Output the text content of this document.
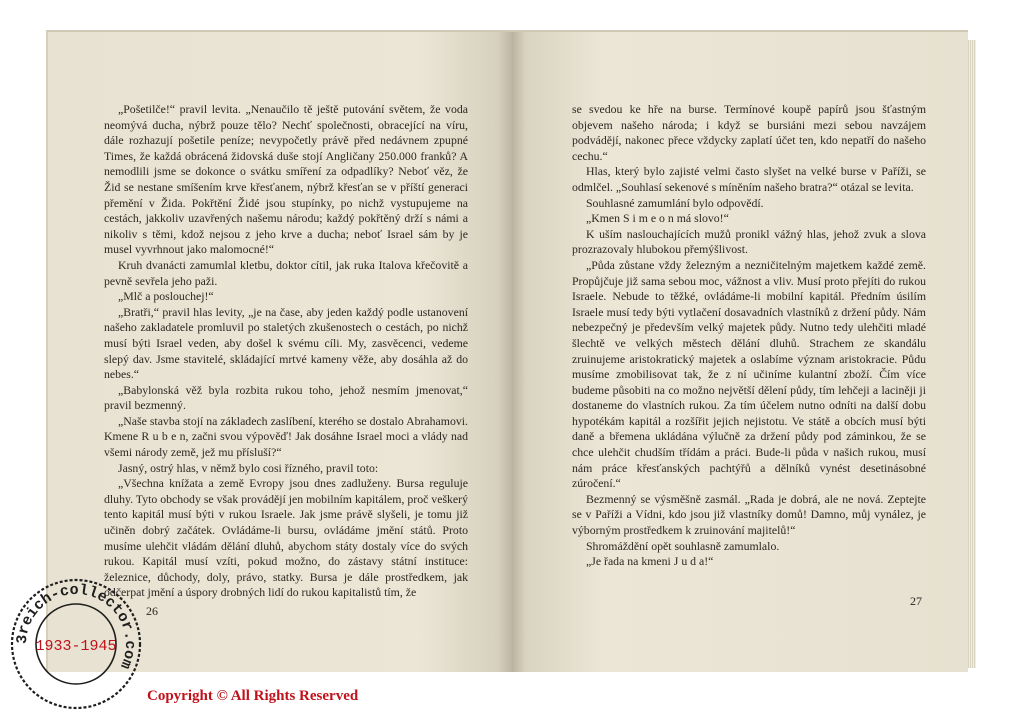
„Pošetilče!“ pravil levita. „Nenaučilo tě ještě putování světem, že voda neomývá ducha, nýbrž pouze tělo? Nechť společnosti, obracející na víru, dále rozhazují pošetile peníze; nevypočetly právě před nedávnem zpupné Times, že každá obrácená židovská duše stojí Angličany 250.000 franků? A nemodlili jsme se dokonce o svátku smíření za odpadlíky? Neboť věz, že Žid se nestane smíšením krve křesťanem, nýbrž křesťan se v příští generaci přemění v Žida. Pokřtění Židé jsou stupínky, po nichž vystupujeme na cestách, jakkoliv uzavřených našemu národu; každý pokřtěný drží s námi a nikoliv s těmi, kdož nejsou z jeho krve a ducha; neboť Israel sám by je musel vyvrhnout jako malomocné!“

Kruh dvanácti zamumlal kletbu, doktor cítil, jak ruka Italova křečovitě a pevně sevřela jeho paži.

„Mlč a poslouchej!“

„Bratři,“ pravil hlas levity, „je na čase, aby jeden každý podle ustanovení našeho zakladatele promluvil po staletých zkušenostech o cestách, po nichž musí býti Israel veden, aby došel k svému cíli. My, zasvěcenci, vedeme slepý dav. Jsme stavitelé, skládající mrtvé kameny věže, aby dosáhla až do nebes.“

„Babylonská věž byla rozbita rukou toho, jehož nesmím jmenovat,“ pravil bezmenný.

„Naše stavba stojí na základech zaslíbení, kterého se dostalo Abrahamovi. Kmene R u b e n, začni svou výpověď! Jak dosáhne Israel moci a vlády nad všemi národy země, jež mu přísluší?“

Jasný, ostrý hlas, v němž bylo cosi řízného, pravil toto:

„Všechna knížata a země Evropy jsou dnes zadluženy. Bursa reguluje dluhy. Tyto obchody se však provádějí jen mobilním kapitálem, proč veškerý tento kapitál musí býti v rukou Israele. Jak jsme právě slyšeli, je tomu již učiněn dobrý začátek. Ovládáme-li bursu, ovládáme jmění států. Proto musíme ulehčit vládám dělání dluhů, abychom státy dostaly více do svých rukou. Kapitál musí vzíti, pokud možno, do zástavy státní instituce: železnice, důchody, doly, právo, statky. Bursa je dále prostředkem, jak odčerpat jmění a úspory drobných lidí do rukou kapitalistů tím, že

26

se svedou ke hře na burse. Termínové koupě papírů jsou šťastným objevem našeho národa; i když se bursiáni mezi sebou navzájem podvádějí, nakonec přece vždycky zaplatí účet ten, kdo nepatří do našeho cechu.“

Hlas, který bylo zajisté velmi často slyšet na velké burse v Paříži, se odmlčel. „Souhlasí sekenové s míněním našeho bratra?“ otázal se levita.

Souhlasné zamumlání bylo odpovědí.

„Kmen S i m e o n má slovo!“

K uším naslouchajících mužů pronikl vážný hlas, jehož zvuk a slova prozrazovaly hlubokou přemýšlivost.

„Půda zůstane vždy železným a nezničitelným majetkem každé země. Propůjčuje již sama sebou moc, vážnost a vliv. Musí proto přejíti do rukou Israele. Nebude to těžké, ovládáme-li mobilní kapitál. Předním úsilím Israele musí tedy býti vytlačení dosavadních vlastníků z držení půdy. Nám nebezpečný je především velký majetek půdy. Nutno tedy ulehčiti mladé šlechtě ve velkých městech dělání dluhů. Strachem ze skandálu zruinujeme aristokratický majetek a oslabíme význam aristokracie. Půdu musíme zmobilisovat tak, že z ní učiníme kulantní zboží. Čím více budeme působiti na co možno největší dělení půdy, tím lehčeji a laciněji ji dostaneme do vlastních rukou. Za tím účelem nutno odníti na další dobu hypotékám kapitál a rozšířit jejich nejistotu. Ve státě a obcích musí býti daně a břemena ukládána výlučně za držení půdy pod záminkou, že se chce ulehčit chudším třídám a práci. Bude-li půda v našich rukou, musí nám práce křesťanských pachtýřů a dělníků vynést desetinásobné zúročení.“

Bezmenný se výsměšně zasmál. „Rada je dobrá, ale ne nová. Zeptejte se v Paříži a Vídni, kdo jsou již vlastníky domů! Damno, můj vynález, je výborným prostředkem k zruinování majitelů!“

Shromáždění opět souhlasně zamumlalo.

„Je řada na kmeni J u d a!“

27
3reich-collector.com
1933-1945
Copyright © All Rights Reserved
